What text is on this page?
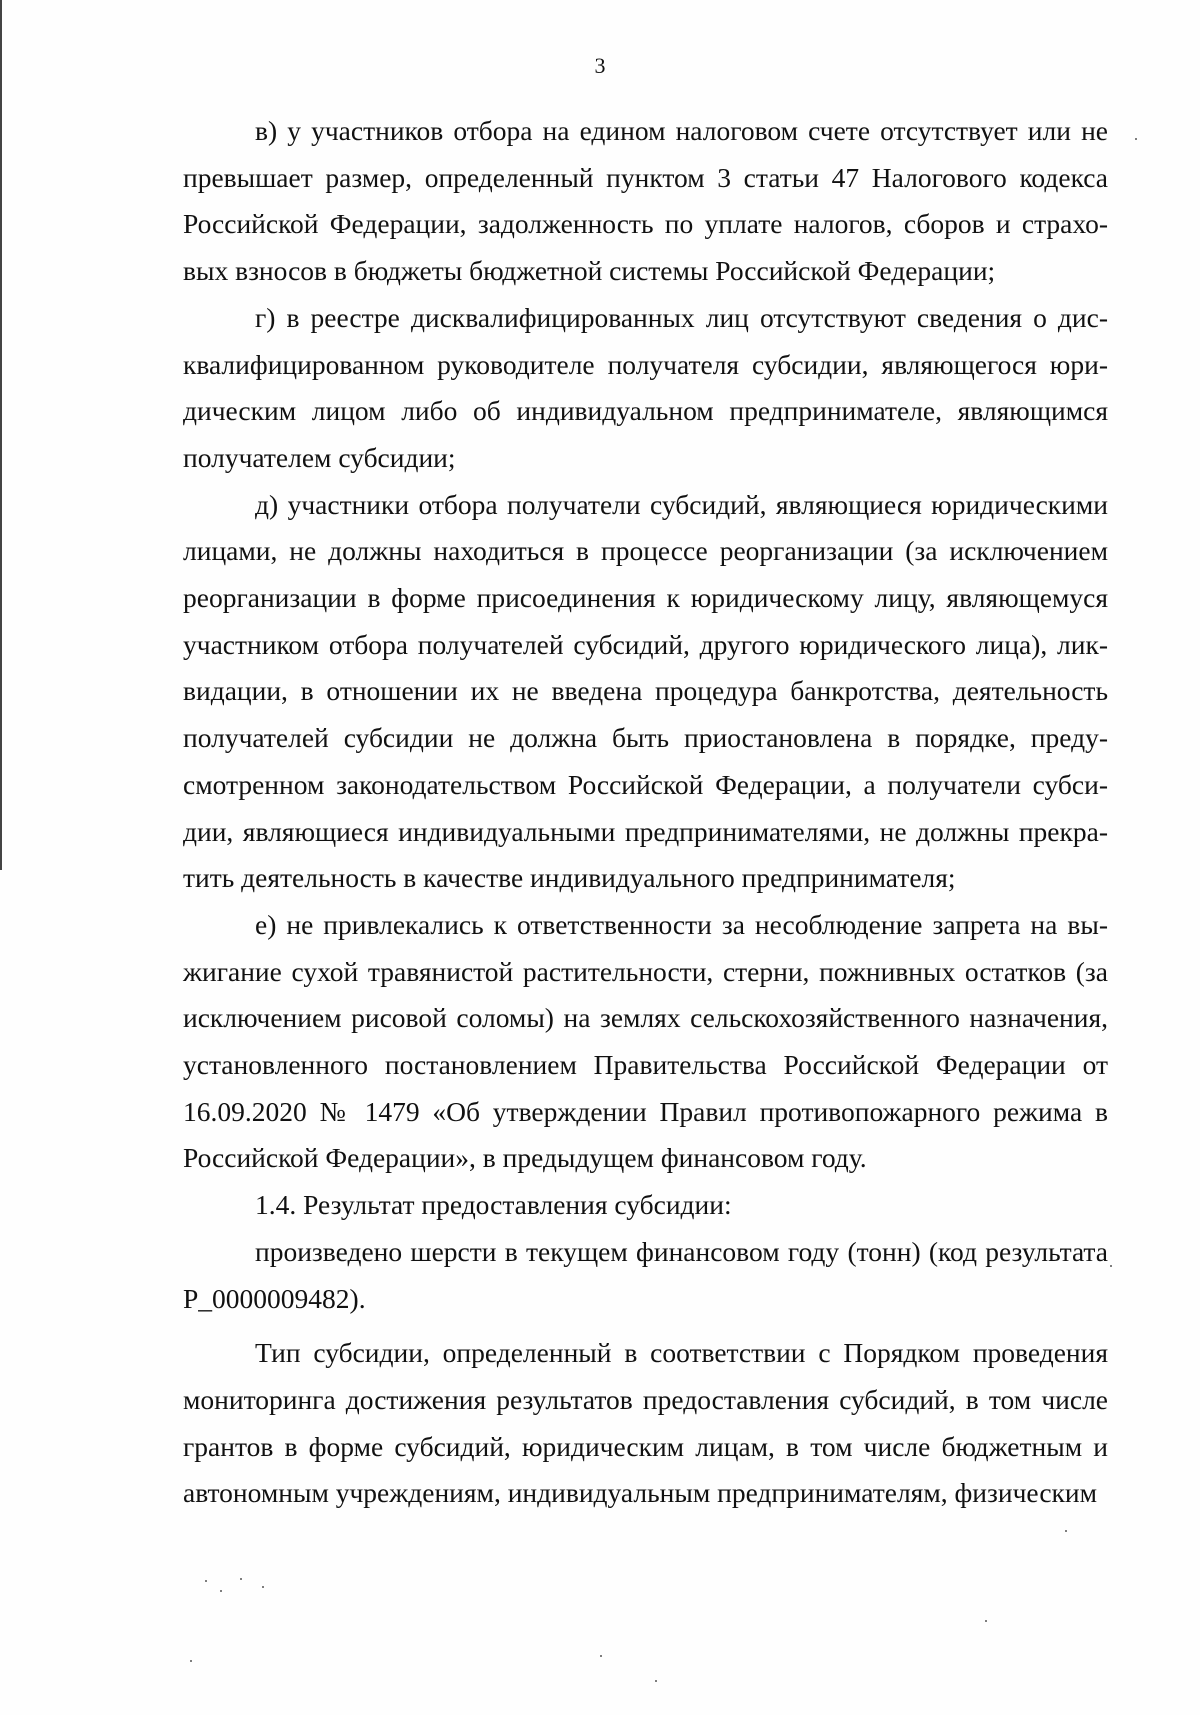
3

в) у участников отбора на едином налоговом счете отсутствует или не превышает размер, определенный пунктом 3 статьи 47 Налогового кодекса Российской Федерации, задолженность по уплате налогов, сборов и страховых взносов в бюджеты бюджетной системы Российской Федерации;

г) в реестре дисквалифицированных лиц отсутствуют сведения о дисквалифицированном руководителе получателя субсидии, являющегося юридическим лицом либо об индивидуальном предпринимателе, являющимся получателем субсидии;

д) участники отбора получатели субсидий, являющиеся юридическими лицами, не должны находиться в процессе реорганизации (за исключением реорганизации в форме присоединения к юридическому лицу, являющемуся участником отбора получателей субсидий, другого юридического лица), ликвидации, в отношении их не введена процедура банкротства, деятельность получателей субсидии не должна быть приостановлена в порядке, предусмотренном законодательством Российской Федерации, а получатели субсидии, являющиеся индивидуальными предпринимателями, не должны прекратить деятельность в качестве индивидуального предпринимателя;

е) не привлекались к ответственности за несоблюдение запрета на выжигание сухой травянистой растительности, стерни, пожнивных остатков (за исключением рисовой соломы) на землях сельскохозяйственного назначения, установленного постановлением Правительства Российской Федерации от 16.09.2020 № 1479 «Об утверждении Правил противопожарного режима в Российской Федерации», в предыдущем финансовом году.

1.4. Результат предоставления субсидии:

произведено шерсти в текущем финансовом году (тонн) (код результата P_0000009482).

Тип субсидии, определенный в соответствии с Порядком проведения мониторинга достижения результатов предоставления субсидий, в том числе грантов в форме субсидий, юридическим лицам, в том числе бюджетным и автономным учреждениям, индивидуальным предпринимателям, физическим
